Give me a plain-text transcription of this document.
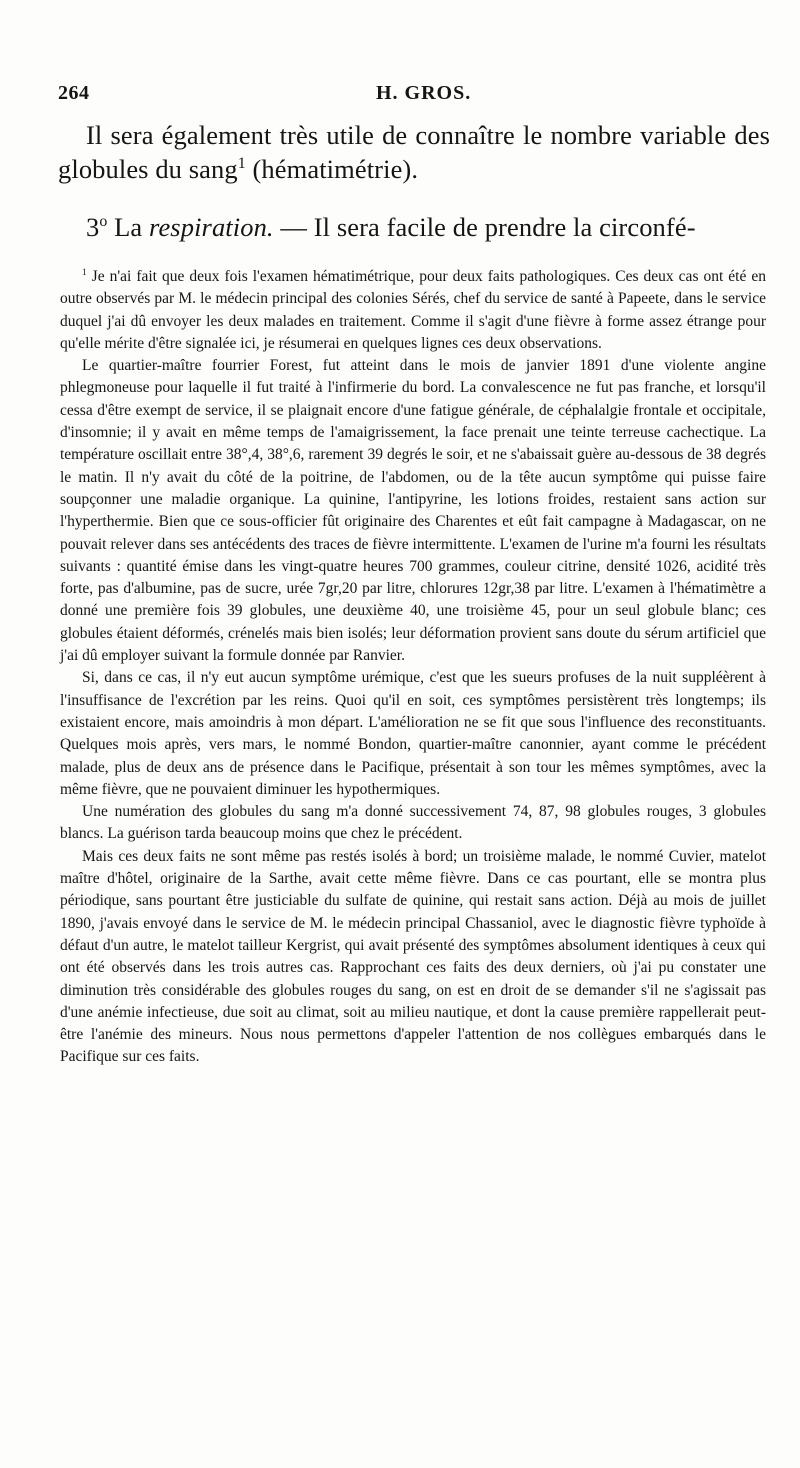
264	H. GROS.

Il sera également très utile de connaître le nombre variable des globules du sang$^1$ (hématimétrie).

3$^o$ La respiration. — Il sera facile de prendre la circonfé-

$^1$ Je n'ai fait que deux fois l'examen hématimétrique, pour deux faits pathologiques. Ces deux cas ont été en outre observés par M. le médecin principal des colonies Sérés, chef du service de santé à Papeete, dans le service duquel j'ai dû envoyer les deux malades en traitement. Comme il s'agit d'une fièvre à forme assez étrange pour qu'elle mérite d'être signalée ici, je résumerai en quelques lignes ces deux observations.

Le quartier-maître fourrier Forest, fut atteint dans le mois de janvier 1891 d'une violente angine phlegmoneuse pour laquelle il fut traité à l'infirmerie du bord. La convalescence ne fut pas franche, et lorsqu'il cessa d'être exempt de service, il se plaignait encore d'une fatigue générale, de céphalalgie frontale et occipitale, d'insomnie; il y avait en même temps de l'amaigrissement, la face prenait une teinte terreuse cachectique. La température oscillait entre 38°,4, 38°,6, rarement 39 degrés le soir, et ne s'abaissait guère au-dessous de 38 degrés le matin. Il n'y avait du côté de la poitrine, de l'abdomen, ou de la tête aucun symptôme qui puisse faire soupçonner une maladie organique. La quinine, l'antipyrine, les lotions froides, restaient sans action sur l'hyperthermie. Bien que ce sous-officier fût originaire des Charentes et eût fait campagne à Madagascar, on ne pouvait relever dans ses antécédents des traces de fièvre intermittente. L'examen de l'urine m'a fourni les résultats suivants : quantité émise dans les vingt-quatre heures 700 grammes, couleur citrine, densité 1026, acidité très forte, pas d'albumine, pas de sucre, urée 7gr,20 par litre, chlorures 12gr,38 par litre. L'examen à l'hématimètre a donné une première fois 39 globules, une deuxième 40, une troisième 45, pour un seul globule blanc; ces globules étaient déformés, crénelés mais bien isolés; leur déformation provient sans doute du sérum artificiel que j'ai dû employer suivant la formule donnée par Ranvier.

Si, dans ce cas, il n'y eut aucun symptôme urémique, c'est que les sueurs profuses de la nuit suppléèrent à l'insuffisance de l'excrétion par les reins. Quoi qu'il en soit, ces symptômes persistèrent très longtemps; ils existaient encore, mais amoindris à mon départ. L'amélioration ne se fit que sous l'influence des reconstituants. Quelques mois après, vers mars, le nommé Bondon, quartier-maître canonnier, ayant comme le précédent malade, plus de deux ans de présence dans le Pacifique, présentait à son tour les mêmes symptômes, avec la même fièvre, que ne pouvaient diminuer les hypothermiques.

Une numération des globules du sang m'a donné successivement 74, 87, 98 globules rouges, 3 globules blancs. La guérison tarda beaucoup moins que chez le précédent.

Mais ces deux faits ne sont même pas restés isolés à bord; un troisième malade, le nommé Cuvier, matelot maître d'hôtel, originaire de la Sarthe, avait cette même fièvre. Dans ce cas pourtant, elle se montra plus périodique, sans pourtant être justiciable du sulfate de quinine, qui restait sans action. Déjà au mois de juillet 1890, j'avais envoyé dans le service de M. le médecin principal Chassaniol, avec le diagnostic fièvre typhoïde à défaut d'un autre, le matelot tailleur Kergrist, qui avait présenté des symptômes absolument identiques à ceux qui ont été observés dans les trois autres cas. Rapprochant ces faits des deux derniers, où j'ai pu constater une diminution très considérable des globules rouges du sang, on est en droit de se demander s'il ne s'agissait pas d'une anémie infectieuse, due soit au climat, soit au milieu nautique, et dont la cause première rappellerait peut-être l'anémie des mineurs. Nous nous permettons d'appeler l'attention de nos collègues embarqués dans le Pacifique sur ces faits.
